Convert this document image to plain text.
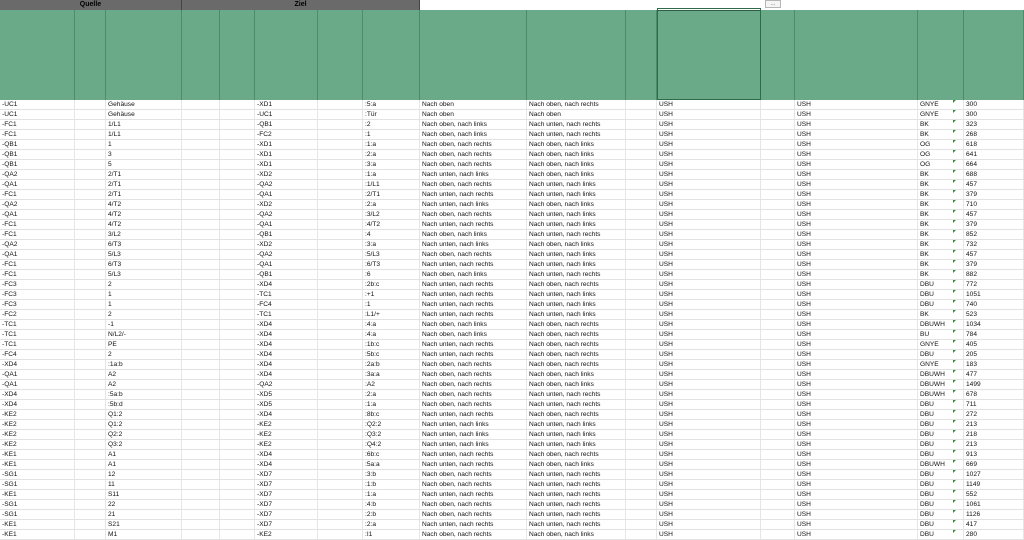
Quelle	Ziel	…
-UC1	Gehäuse	-XD1	:5:a	Nach oben	Nach oben, nach rechts	USH	USH	GNYE	300
-UC1	Gehäuse	-UC1	:Tür	Nach oben	Nach oben	USH	USH	GNYE	300
-FC1	1/L1	-QB1	:2	Nach oben, nach links	Nach unten, nach rechts	USH	USH	BK	323
-FC1	1/L1	-FC2	:1	Nach oben, nach links	Nach unten, nach rechts	USH	USH	BK	268
-QB1	1	-XD1	:1:a	Nach oben, nach rechts	Nach oben, nach links	USH	USH	OG	618
-QB1	3	-XD1	:2:a	Nach oben, nach rechts	Nach oben, nach links	USH	USH	OG	641
-QB1	5	-XD1	:3:a	Nach oben, nach rechts	Nach oben, nach links	USH	USH	OG	664
-QA2	2/T1	-XD2	:1:a	Nach unten, nach links	Nach oben, nach links	USH	USH	BK	688
-QA1	2/T1	-QA2	:1/L1	Nach oben, nach rechts	Nach unten, nach links	USH	USH	BK	457
-FC1	2/T1	-QA1	:2/T1	Nach unten, nach rechts	Nach unten, nach links	USH	USH	BK	379
-QA2	4/T2	-XD2	:2:a	Nach unten, nach links	Nach oben, nach links	USH	USH	BK	710
-QA1	4/T2	-QA2	:3/L2	Nach oben, nach rechts	Nach unten, nach links	USH	USH	BK	457
-FC1	4/T2	-QA1	:4/T2	Nach unten, nach rechts	Nach unten, nach links	USH	USH	BK	379
-FC1	3/L2	-QB1	:4	Nach oben, nach links	Nach unten, nach rechts	USH	USH	BK	852
-QA2	6/T3	-XD2	:3:a	Nach unten, nach links	Nach oben, nach links	USH	USH	BK	732
-QA1	5/L3	-QA2	:5/L3	Nach oben, nach rechts	Nach unten, nach links	USH	USH	BK	457
-FC1	6/T3	-QA1	:6/T3	Nach unten, nach rechts	Nach unten, nach links	USH	USH	BK	379
-FC1	5/L3	-QB1	:6	Nach oben, nach links	Nach unten, nach rechts	USH	USH	BK	882
-FC3	2	-XD4	:2b:c	Nach unten, nach rechts	Nach oben, nach rechts	USH	USH	DBU	772
-FC3	1	-TC1	:+1	Nach unten, nach rechts	Nach unten, nach links	USH	USH	DBU	1051
-FC3	1	-FC4	:1	Nach unten, nach rechts	Nach unten, nach links	USH	USH	DBU	740
-FC2	2	-TC1	:L1/+	Nach unten, nach rechts	Nach unten, nach links	USH	USH	BK	523
-TC1	-1	-XD4	:4:a	Nach oben, nach links	Nach oben, nach rechts	USH	USH	DBUWH	1034
-TC1	N/L2/-	-XD4	:4:a	Nach oben, nach links	Nach oben, nach rechts	USH	USH	BU	784
-TC1	PE	-XD4	:1b:c	Nach unten, nach rechts	Nach oben, nach rechts	USH	USH	GNYE	405
-FC4	2	-XD4	:5b:c	Nach unten, nach rechts	Nach oben, nach rechts	USH	USH	DBU	205
-XD4	:1a:b	-XD4	:2a:b	Nach oben, nach rechts	Nach oben, nach rechts	USH	USH	GNYE	183
-QA1	A2	-XD4	:3a:a	Nach oben, nach rechts	Nach oben, nach links	USH	USH	DBUWH	477
-QA1	A2	-QA2	:A2	Nach oben, nach rechts	Nach oben, nach links	USH	USH	DBUWH	1499
-XD4	:5a:b	-XD5	:2:a	Nach oben, nach rechts	Nach unten, nach rechts	USH	USH	DBUWH	678
-XD4	:5b:d	-XD5	:1:a	Nach oben, nach rechts	Nach unten, nach rechts	USH	USH	DBU	711
-KE2	Q1:2	-XD4	:8b:c	Nach unten, nach rechts	Nach oben, nach rechts	USH	USH	DBU	272
-KE2	Q1:2	-KE2	:Q2:2	Nach unten, nach links	Nach unten, nach links	USH	USH	DBU	213
-KE2	Q2:2	-KE2	:Q3:2	Nach unten, nach links	Nach unten, nach links	USH	USH	DBU	218
-KE2	Q3:2	-KE2	:Q4:2	Nach unten, nach links	Nach unten, nach links	USH	USH	DBU	213
-KE1	A1	-XD4	:6b:c	Nach unten, nach rechts	Nach oben, nach rechts	USH	USH	DBU	913
-KE1	A1	-XD4	:5a:a	Nach unten, nach rechts	Nach oben, nach links	USH	USH	DBUWH	669
-SG1	12	-XD7	:3:b	Nach oben, nach rechts	Nach unten, nach rechts	USH	USH	DBU	1027
-SG1	11	-XD7	:1:b	Nach oben, nach rechts	Nach unten, nach rechts	USH	USH	DBU	1149
-KE1	S11	-XD7	:1:a	Nach unten, nach rechts	Nach unten, nach rechts	USH	USH	DBU	552
-SG1	22	-XD7	:4:b	Nach oben, nach rechts	Nach unten, nach rechts	USH	USH	DBU	1061
-SG1	21	-XD7	:2:b	Nach oben, nach rechts	Nach unten, nach rechts	USH	USH	DBU	1126
-KE1	S21	-XD7	:2:a	Nach unten, nach rechts	Nach unten, nach rechts	USH	USH	DBU	417
-KE1	M1	-KE2	:I1	Nach oben, nach rechts	Nach oben, nach links	USH	USH	DBU	280
